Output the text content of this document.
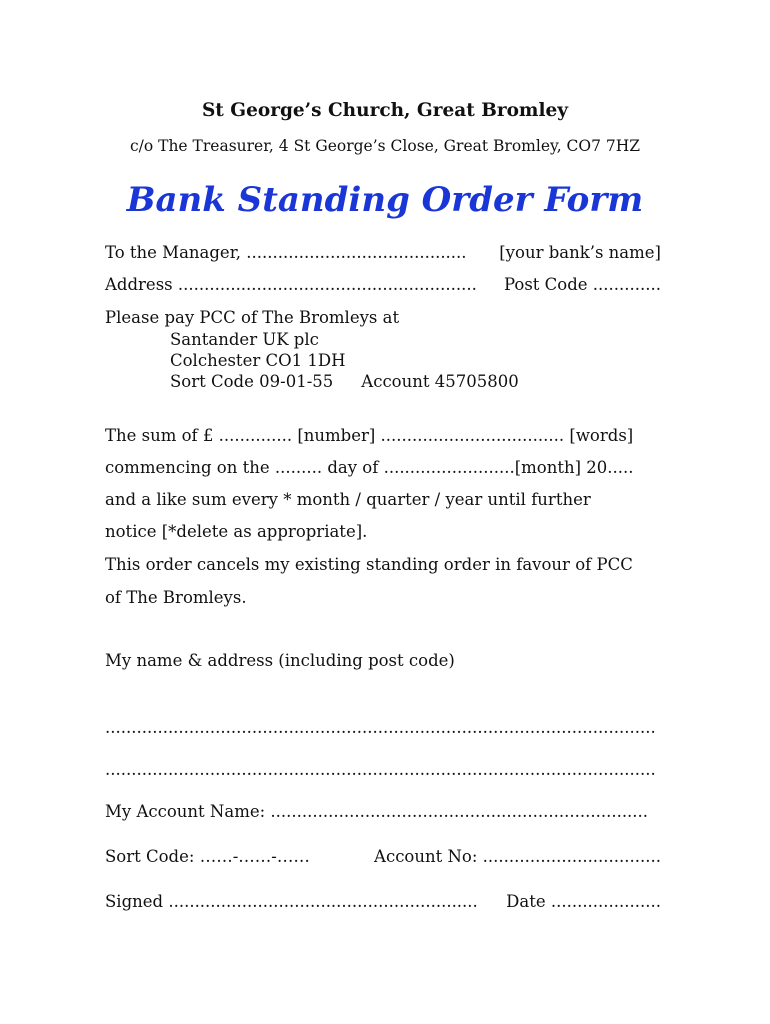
St George’s Church, Great Bromley
c/o The Treasurer, 4 St George’s Close, Great Bromley, CO7 7HZ
Bank Standing Order Form
To the Manager, .......................................... [your bank’s name]
Address ......................................................... Post Code .............
Please pay PCC of The Bromleys at
Santander UK plc
Colchester CO1 1DH
Sort Code 09-01-55 Account 45705800
The sum of £ .............. [number] ................................... [words]
commencing on the ......... day of .........................[month] 20.....
and a like sum every * month / quarter / year until further
notice [*delete as appropriate].
This order cancels my existing standing order in favour of PCC
of The Bromleys.
My name & address (including post code)
.........................................................................................................
.........................................................................................................
My Account Name: ........................................................................
Sort Code: ……-……-……	Account No: ..................................
Signed ........................................................... Date .....................
